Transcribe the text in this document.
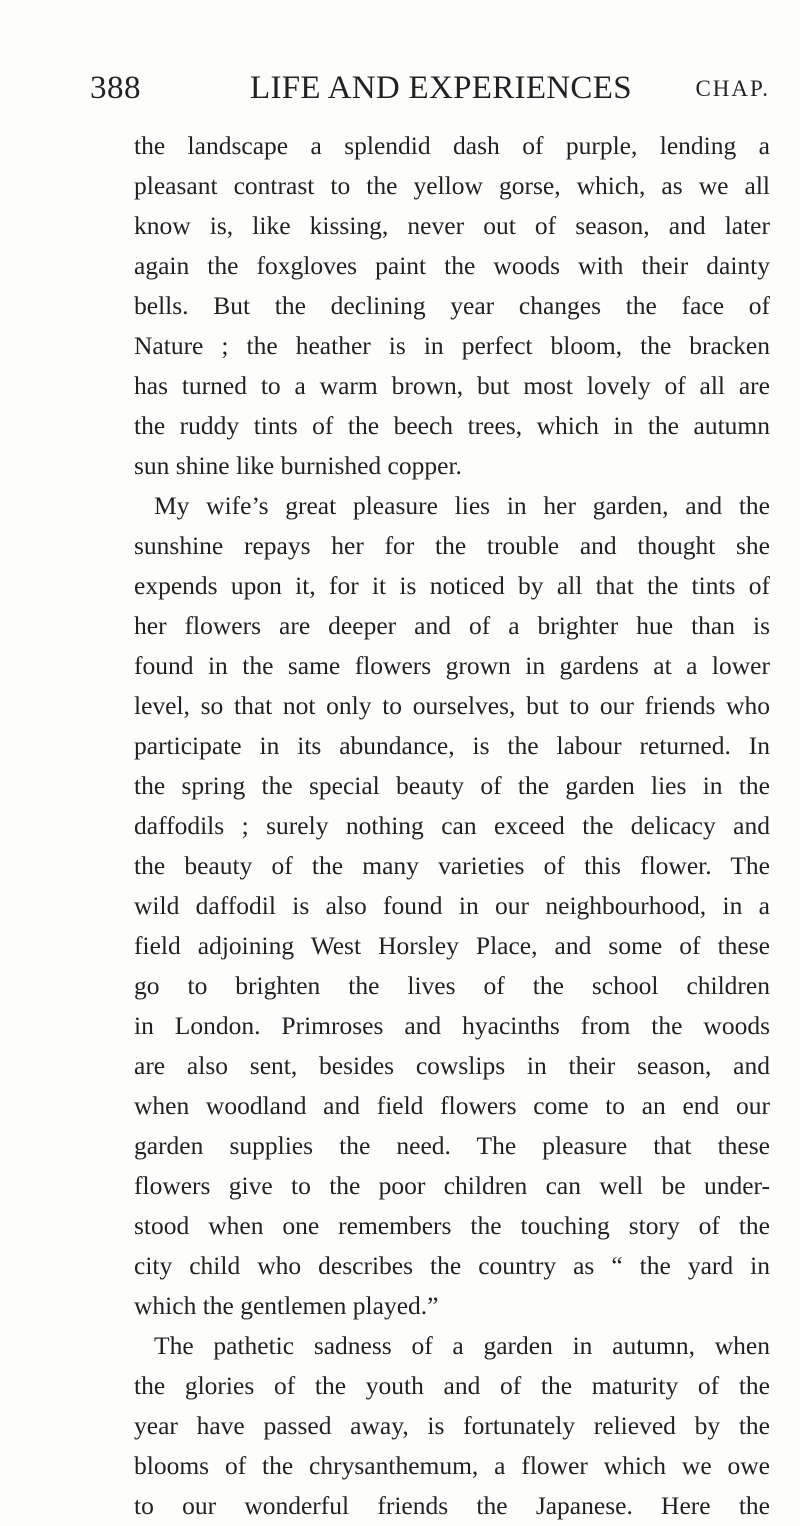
388	LIFE AND EXPERIENCES	CHAP.
the landscape a splendid dash of purple, lending a
pleasant contrast to the yellow gorse, which, as we all
know is, like kissing, never out of season, and later
again the foxgloves paint the woods with their dainty
bells. But the declining year changes the face of
Nature ; the heather is in perfect bloom, the bracken
has turned to a warm brown, but most lovely of all are
the ruddy tints of the beech trees, which in the autumn
sun shine like burnished copper.
My wife’s great pleasure lies in her garden, and the
sunshine repays her for the trouble and thought she
expends upon it, for it is noticed by all that the tints of
her flowers are deeper and of a brighter hue than is
found in the same flowers grown in gardens at a lower
level, so that not only to ourselves, but to our friends who
participate in its abundance, is the labour returned. In
the spring the special beauty of the garden lies in the
daffodils ; surely nothing can exceed the delicacy and
the beauty of the many varieties of this flower. The
wild daffodil is also found in our neighbourhood, in a
field adjoining West Horsley Place, and some of these
go to brighten the lives of the school children
in London. Primroses and hyacinths from the woods
are also sent, besides cowslips in their season, and
when woodland and field flowers come to an end our
garden supplies the need. The pleasure that these
flowers give to the poor children can well be under-
stood when one remembers the touching story of the
city child who describes the country as “ the yard in
which the gentlemen played.”
The pathetic sadness of a garden in autumn, when
the glories of the youth and of the maturity of the
year have passed away, is fortunately relieved by the
blooms of the chrysanthemum, a flower which we owe
to our wonderful friends the Japanese. Here the
